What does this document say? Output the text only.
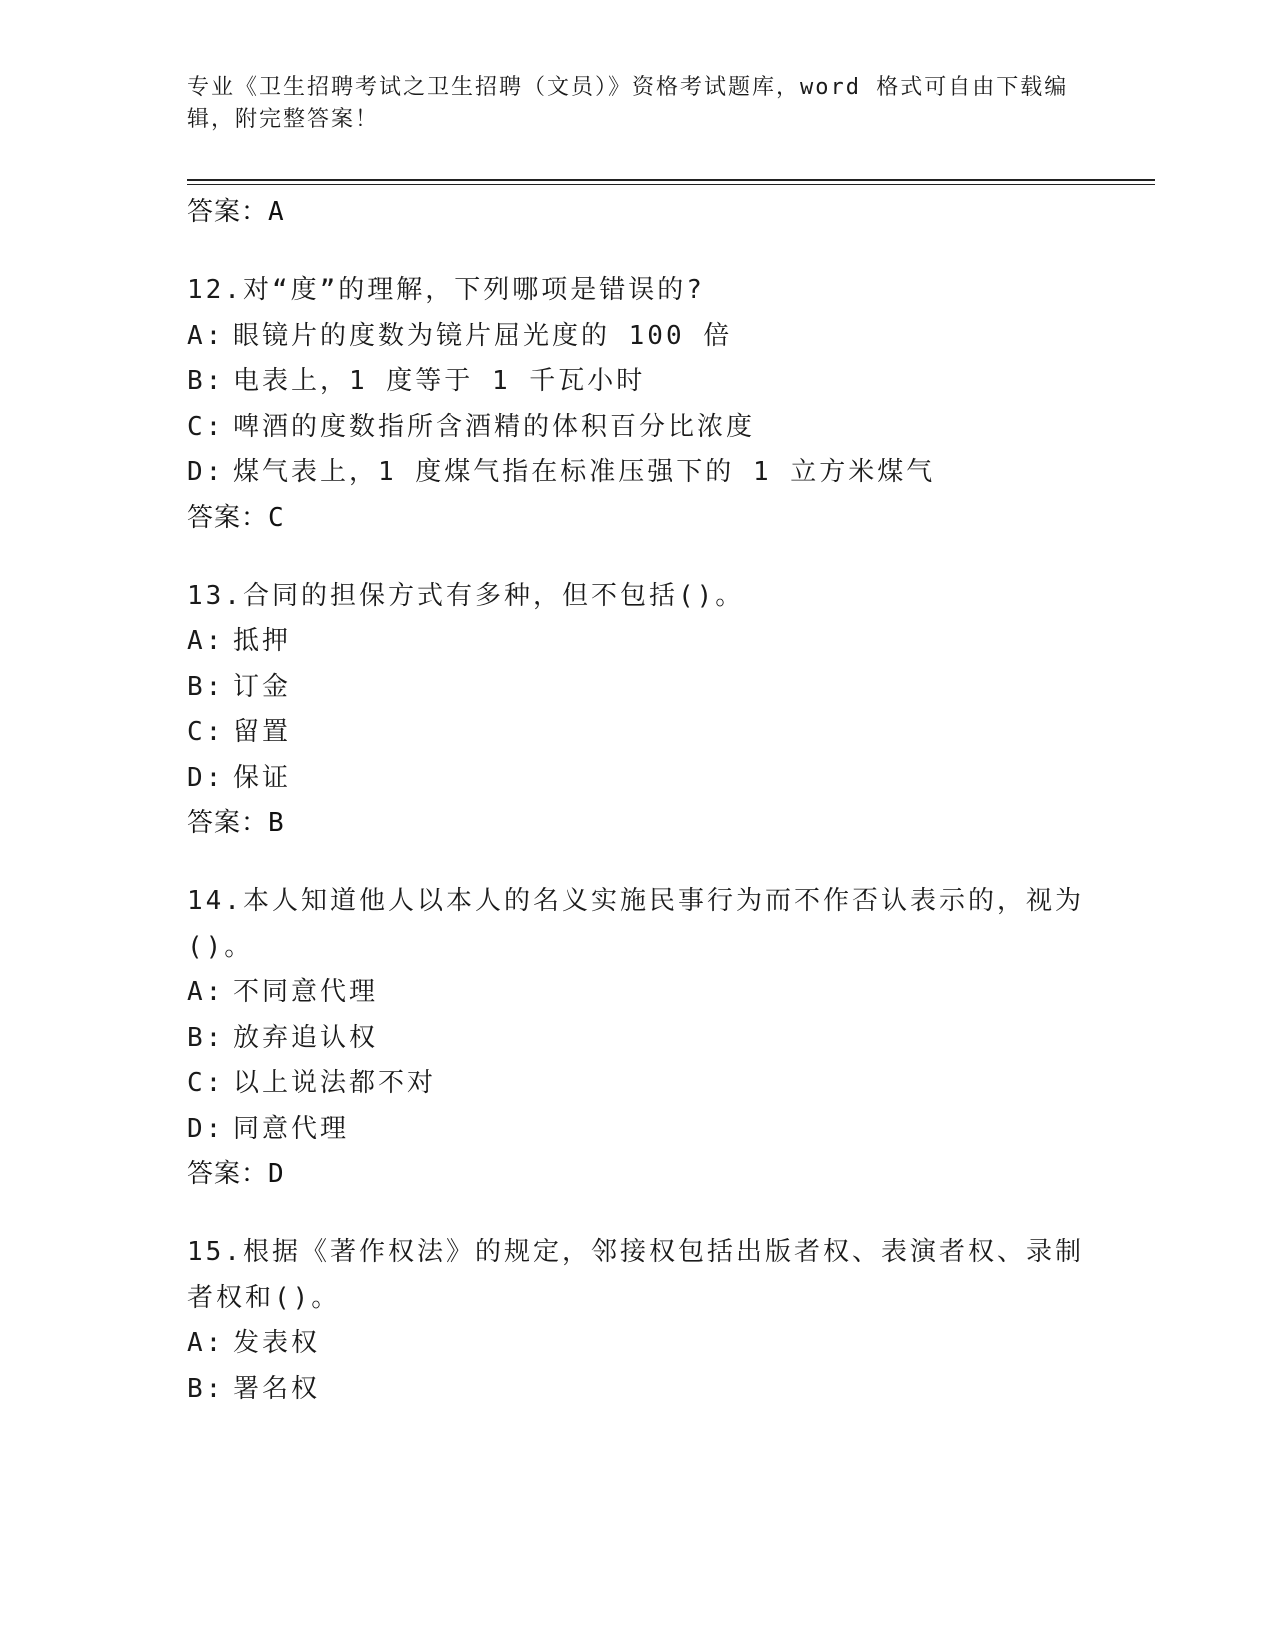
专业《卫生招聘考试之卫生招聘（文员）》资格考试题库，word 格式可自由下载编辑，附完整答案！
答案：A
12.对“度”的理解，下列哪项是错误的?
A: 眼镜片的度数为镜片屈光度的 100 倍
B: 电表上，1 度等于 1 千瓦小时
C: 啤酒的度数指所含酒精的体积百分比浓度
D: 煤气表上，1 度煤气指在标准压强下的 1 立方米煤气
答案：C
13.合同的担保方式有多种，但不包括()。
A: 抵押
B: 订金
C: 留置
D: 保证
答案：B
14.本人知道他人以本人的名义实施民事行为而不作否认表示的，视为()。
A: 不同意代理
B: 放弃追认权
C: 以上说法都不对
D: 同意代理
答案：D
15.根据《著作权法》的规定，邻接权包括出版者权、表演者权、录制者权和()。
A: 发表权
B: 署名权
